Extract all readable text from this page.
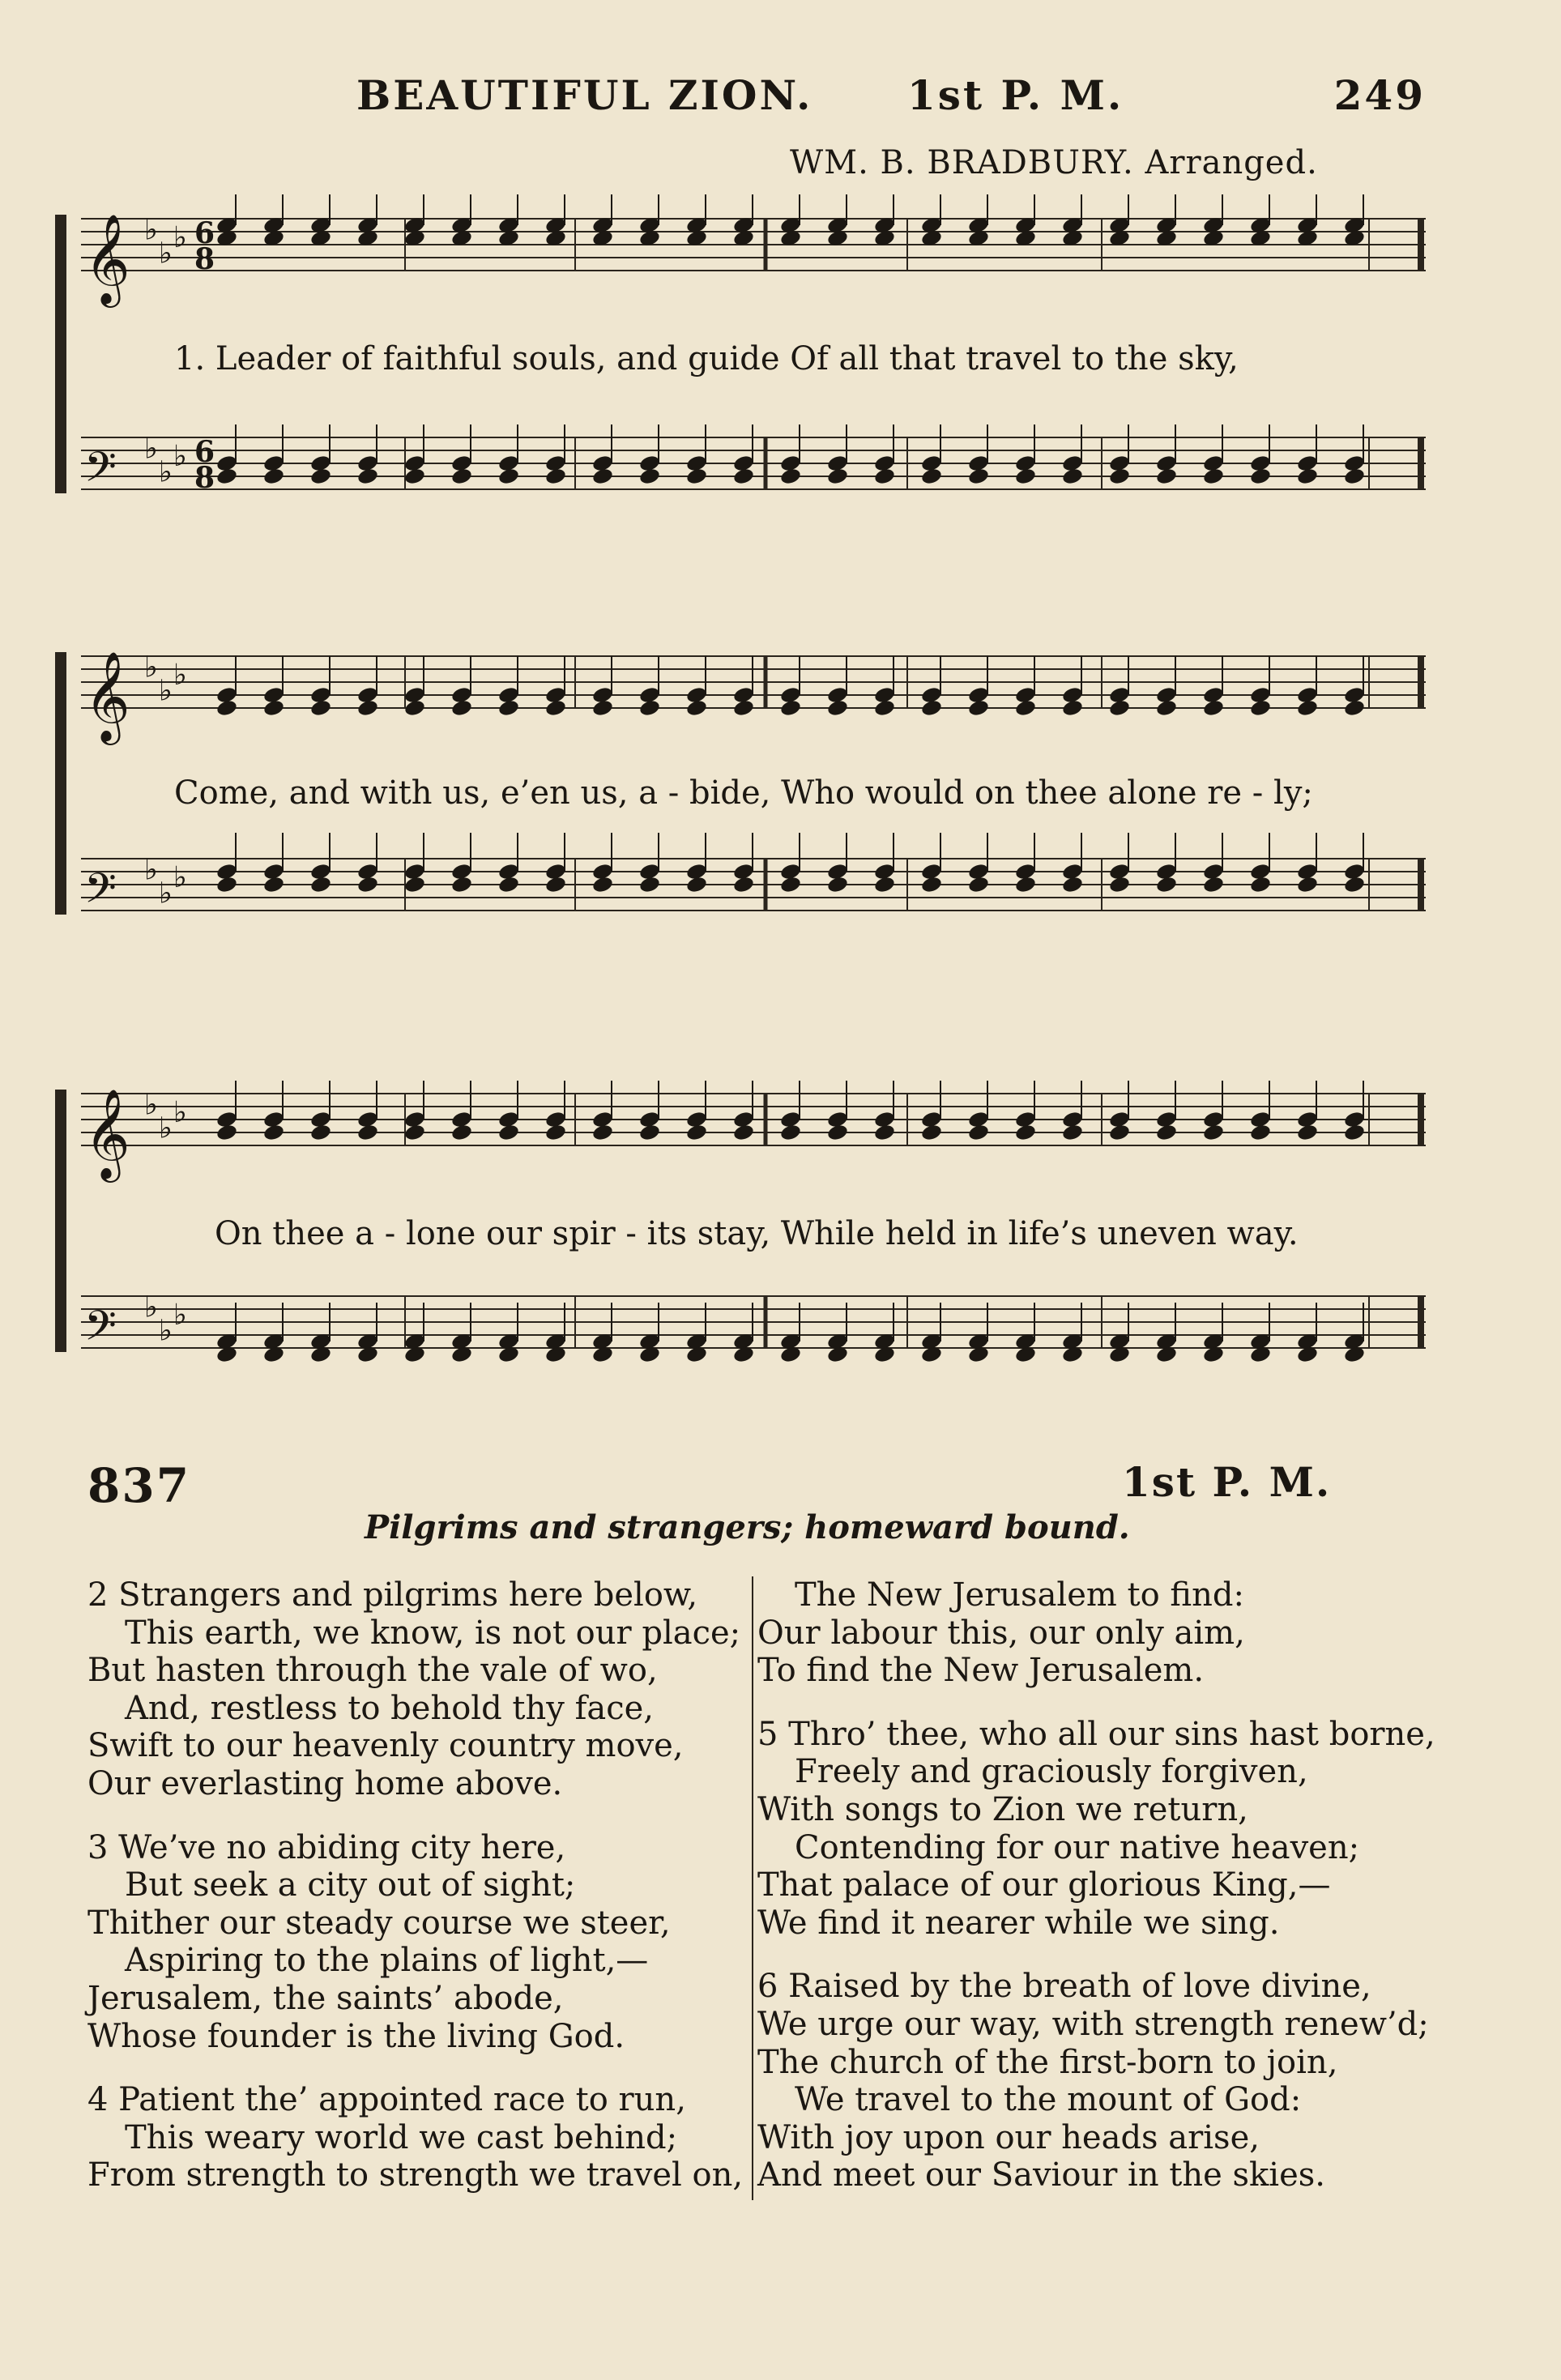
BEAUTIFUL ZION. 1st P. M.	249
WM. B. BRADBURY. Arranged.
𝄞 ♭
♭ ♭ 6
8
𝄢 ♭
♭ ♭ 6
8
1. Leader of faithful souls, and guide Of all that travel to the sky,
𝄞 ♭
♭ ♭
𝄢 ♭
♭ ♭
Come, and with us, e’en us, a - bide, Who would on thee alone re - ly;
𝄞 ♭
♭ ♭
𝄢 ♭
♭ ♭
On thee a - lone our spir - its stay, While held in life’s uneven way.
837	1st P. M.
Pilgrims and strangers; homeward bound.
2 Strangers and pilgrims here below,
This earth, we know, is not our place;
But hasten through the vale of wo,
And, restless to behold thy face,
Swift to our heavenly country move,
Our everlasting home above.
3 We’ve no abiding city here,
But seek a city out of sight;
Thither our steady course we steer,
Aspiring to the plains of light,—
Jerusalem, the saints’ abode,
Whose founder is the living God.
4 Patient the’ appointed race to run,
This weary world we cast behind;
From strength to strength we travel on,
The New Jerusalem to find:
Our labour this, our only aim,
To find the New Jerusalem.
5 Thro’ thee, who all our sins hast borne,
Freely and graciously forgiven,
With songs to Zion we return,
Contending for our native heaven;
That palace of our glorious King,—
We find it nearer while we sing.
6 Raised by the breath of love divine,
We urge our way, with strength renew’d;
The church of the first-born to join,
We travel to the mount of God:
With joy upon our heads arise,
And meet our Saviour in the skies.
